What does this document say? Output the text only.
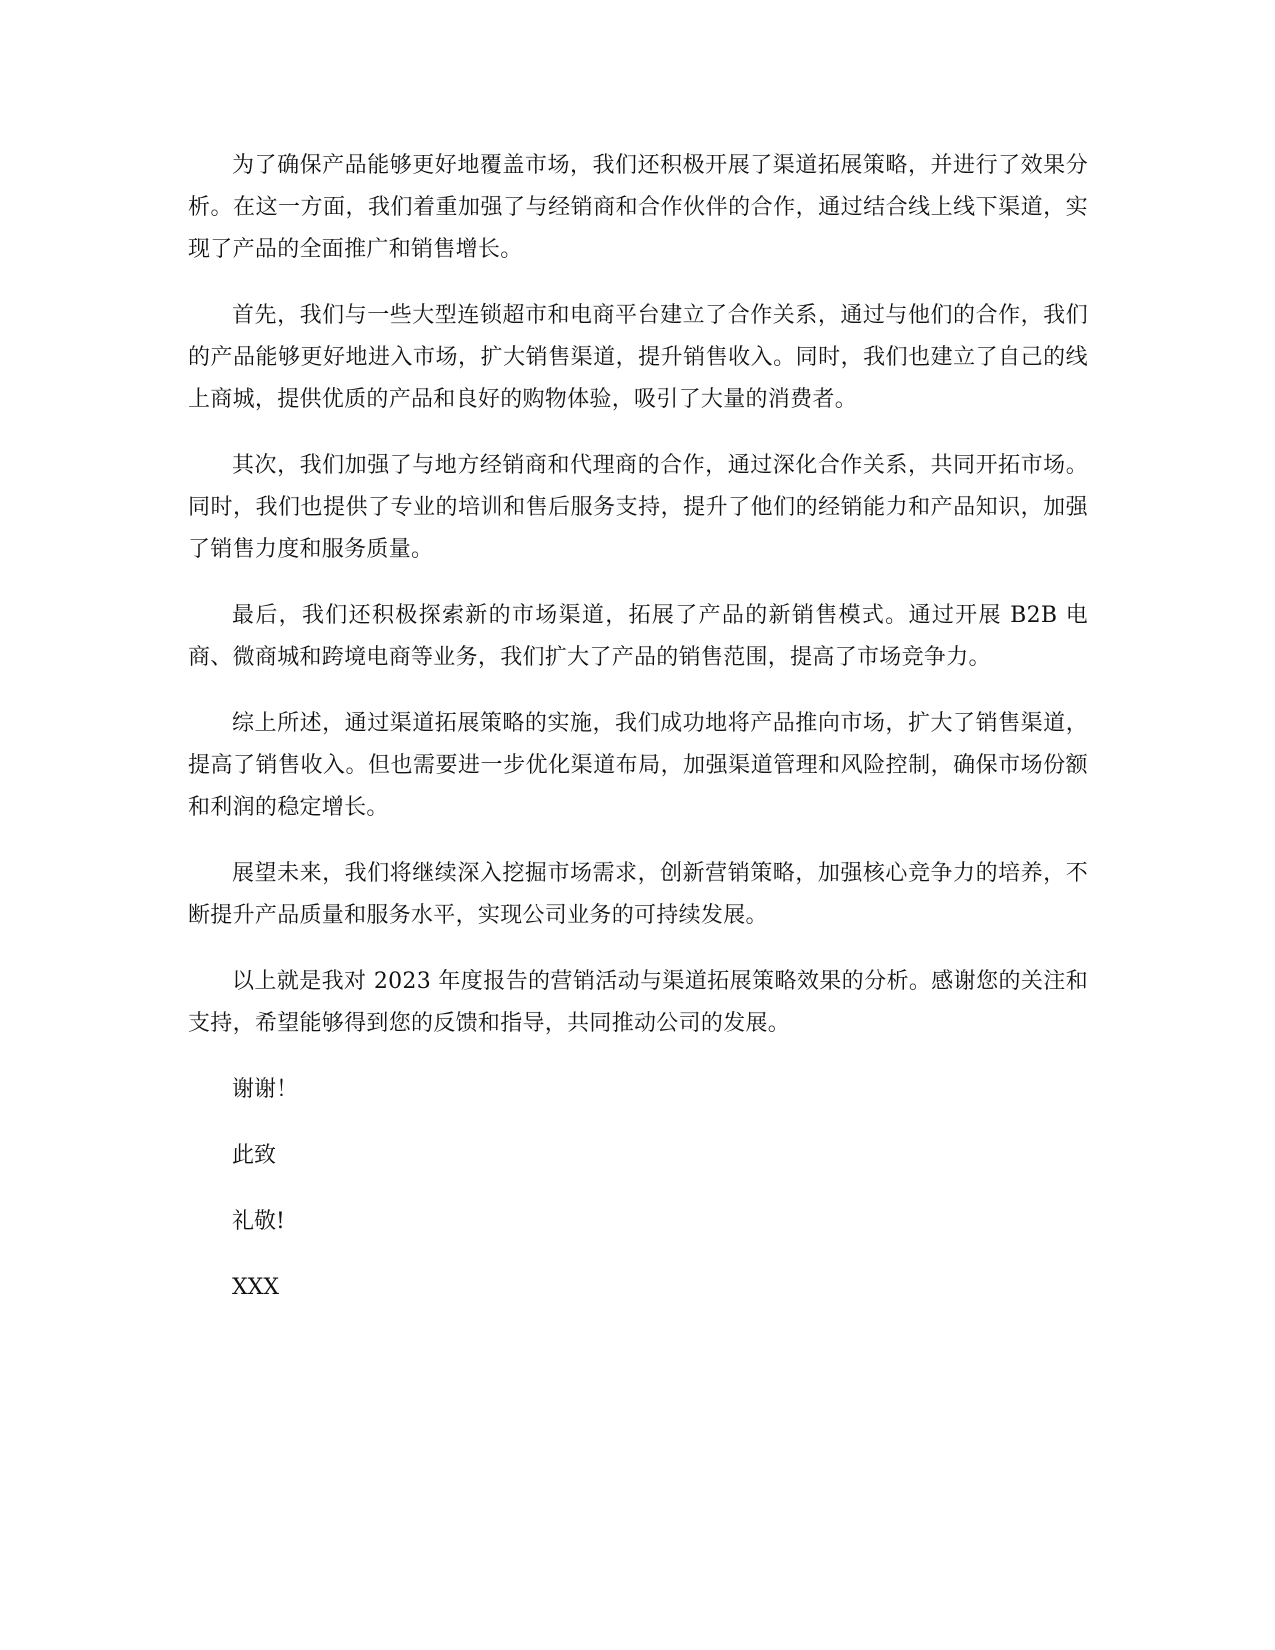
为了确保产品能够更好地覆盖市场，我们还积极开展了渠道拓展策略，并进行了效果分析。在这一方面，我们着重加强了与经销商和合作伙伴的合作，通过结合线上线下渠道，实现了产品的全面推广和销售增长。

首先，我们与一些大型连锁超市和电商平台建立了合作关系，通过与他们的合作，我们的产品能够更好地进入市场，扩大销售渠道，提升销售收入。同时，我们也建立了自己的线上商城，提供优质的产品和良好的购物体验，吸引了大量的消费者。

其次，我们加强了与地方经销商和代理商的合作，通过深化合作关系，共同开拓市场。同时，我们也提供了专业的培训和售后服务支持，提升了他们的经销能力和产品知识，加强了销售力度和服务质量。

最后，我们还积极探索新的市场渠道，拓展了产品的新销售模式。通过开展 B2B 电商、微商城和跨境电商等业务，我们扩大了产品的销售范围，提高了市场竞争力。

综上所述，通过渠道拓展策略的实施，我们成功地将产品推向市场，扩大了销售渠道，提高了销售收入。但也需要进一步优化渠道布局，加强渠道管理和风险控制，确保市场份额和利润的稳定增长。

展望未来，我们将继续深入挖掘市场需求，创新营销策略，加强核心竞争力的培养，不断提升产品质量和服务水平，实现公司业务的可持续发展。

以上就是我对 2023 年度报告的营销活动与渠道拓展策略效果的分析。感谢您的关注和支持，希望能够得到您的反馈和指导，共同推动公司的发展。

谢谢！

此致

礼敬!

XXX
